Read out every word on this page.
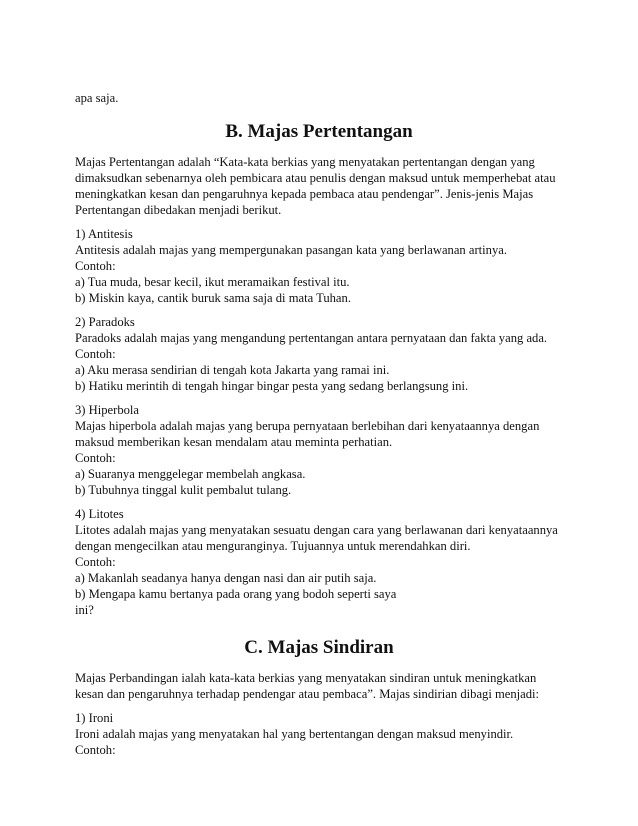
apa saja.
B. Majas Pertentangan
Majas Pertentangan adalah “Kata-kata berkias yang menyatakan pertentangan dengan yang
dimaksudkan sebenarnya oleh pembicara atau penulis dengan maksud untuk memperhebat atau
meningkatkan kesan dan pengaruhnya kepada pembaca atau pendengar”. Jenis-jenis Majas
Pertentangan dibedakan menjadi berikut.
1) Antitesis
Antitesis adalah majas yang mempergunakan pasangan kata yang berlawanan artinya.
Contoh:
a) Tua muda, besar kecil, ikut meramaikan festival itu.
b) Miskin kaya, cantik buruk sama saja di mata Tuhan.
2) Paradoks
Paradoks adalah majas yang mengandung pertentangan antara pernyataan dan fakta yang ada.
Contoh:
a) Aku merasa sendirian di tengah kota Jakarta yang ramai ini.
b) Hatiku merintih di tengah hingar bingar pesta yang sedang berlangsung ini.
3) Hiperbola
Majas hiperbola adalah majas yang berupa pernyataan berlebihan dari kenyataannya dengan
maksud memberikan kesan mendalam atau meminta perhatian.
Contoh:
a) Suaranya menggelegar membelah angkasa.
b) Tubuhnya tinggal kulit pembalut tulang.
4) Litotes
Litotes adalah majas yang menyatakan sesuatu dengan cara yang berlawanan dari kenyataannya
dengan mengecilkan atau menguranginya. Tujuannya untuk merendahkan diri.
Contoh:
a) Makanlah seadanya hanya dengan nasi dan air putih saja.
b) Mengapa kamu bertanya pada orang yang bodoh seperti saya
ini?
C. Majas Sindiran
Majas Perbandingan ialah kata-kata berkias yang menyatakan sindiran untuk meningkatkan
kesan dan pengaruhnya terhadap pendengar atau pembaca”. Majas sindirian dibagi menjadi:
1) Ironi
Ironi adalah majas yang menyatakan hal yang bertentangan dengan maksud menyindir.
Contoh:
